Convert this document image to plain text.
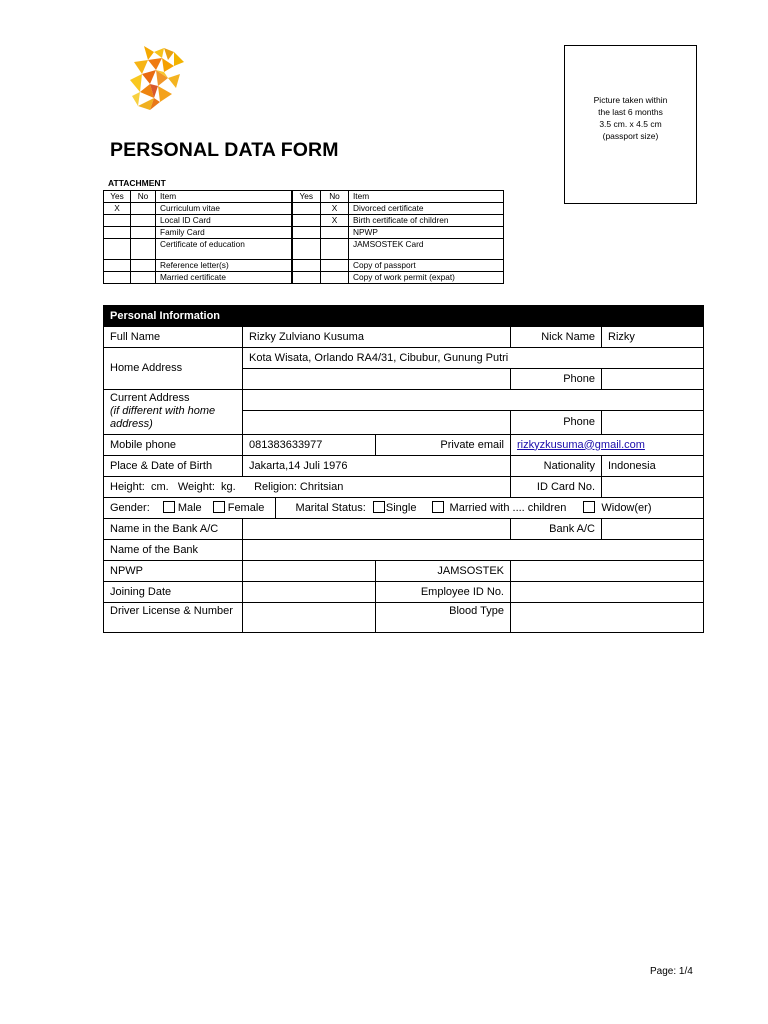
PERSONAL DATA FORM
Picture taken within
the last 6 months
3.5 cm. x 4.5 cm
(passport size)
ATTACHMENT
Yes	No	Item	Yes	No	Item
X		Curriculum vitae		X	Divorced certificate
		Local ID Card		X	Birth certificate of children
		Family Card			NPWP
		Certificate of education			JAMSOSTEK Card
		Reference letter(s)			Copy of passport
		Married certificate			Copy of work permit (expat)
Personal Information				
Full Name	Rizky Zulviano Kusuma		Nick Name	Rizky
Home Address	Kota Wisata, Orlando RA4/31, Cibubur, Gunung Putri			
			Phone	
Current Address
(if different with home address)				
			Phone	
Mobile phone	081383633977	Private email	rizkyzkusuma@gmail.com	
Place & Date of Birth	Jakarta,14 Juli 1976		Nationality	Indonesia
Height:  cm.   Weight:  kg.      Religion: Chritsian			ID Card No.	
Gender: Male Female Marital Status: Single Married with .... children Widow(er)				
Name in the Bank A/C			Bank A/C	
Name of the Bank				
NPWP		JAMSOSTEK		
Joining Date		Employee ID No.		
Driver License & Number		Blood Type		
Page: 1/4
